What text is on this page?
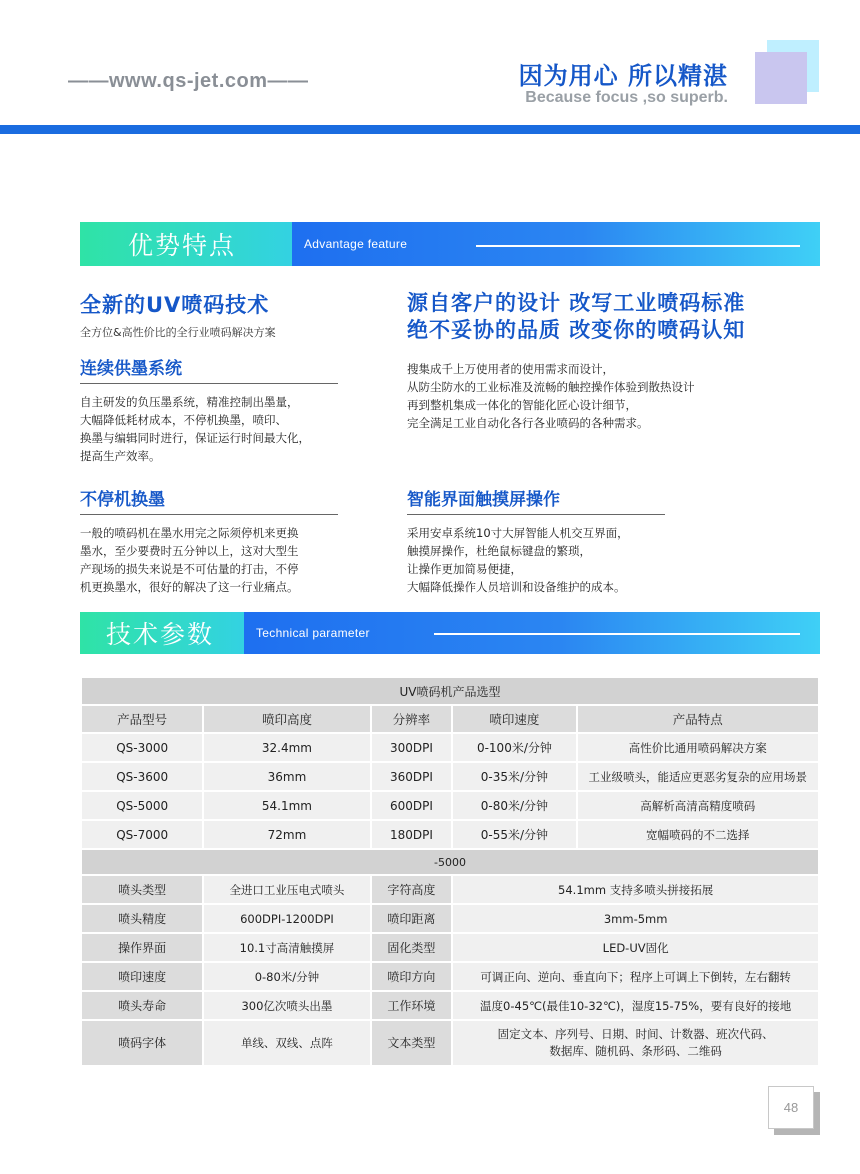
——www.qs-jet.com——	因为用心 所以精湛
Because focus ,so superb.
优势特点	Advantage feature
全新的UV喷码技术
全方位&高性价比的全行业喷码解决方案
连续供墨系统
自主研发的负压墨系统，精准控制出墨量，
大幅降低耗材成本，不停机换墨，喷印、
换墨与编辑同时进行，保证运行时间最大化，
提高生产效率。
不停机换墨
一般的喷码机在墨水用完之际须停机来更换
墨水，至少要费时五分钟以上，这对大型生
产现场的损失来说是不可估量的打击，不停
机更换墨水，很好的解决了这一行业痛点。
源自客户的设计 改写工业喷码标准
绝不妥协的品质 改变你的喷码认知
搜集成千上万使用者的使用需求而设计，
从防尘防水的工业标准及流畅的触控操作体验到散热设计
再到整机集成一体化的智能化匠心设计细节，
完全满足工业自动化各行各业喷码的各种需求。
智能界面触摸屏操作
采用安卓系统10寸大屏智能人机交互界面，
触摸屏操作，杜绝鼠标键盘的繁琐，
让操作更加简易便捷，
大幅降低操作人员培训和设备维护的成本。
技术参数	Technical parameter
UV喷码机产品选型				
产品型号	喷印高度	分辨率	喷印速度	产品特点
QS-3000	32.4mm	300DPI	0-100米/分钟	高性价比通用喷码解决方案
QS-3600	36mm	360DPI	0-35米/分钟	工业级喷头，能适应更恶劣复杂的应用场景
QS-5000	54.1mm	600DPI	0-80米/分钟	高解析高清高精度喷码
QS-7000	72mm	180DPI	0-55米/分钟	宽幅喷码的不二选择
-5000				
喷头类型	全进口工业压电式喷头	字符高度	54.1mm 支持多喷头拼接拓展	
喷头精度	600DPI-1200DPI	喷印距离	3mm-5mm	
操作界面	10.1寸高清触摸屏	固化类型	LED-UV固化	
喷印速度	0-80米/分钟	喷印方向	可调正向、逆向、垂直向下；程序上可调上下倒转，左右翻转	
喷头寿命	300亿次喷头出墨	工作环境	温度0-45℃(最佳10-32℃)，湿度15-75%，要有良好的接地	
喷码字体	单线、双线、点阵	文本类型	固定文本、序列号、日期、时间、计数器、班次代码、
数据库、随机码、条形码、二维码	
48
